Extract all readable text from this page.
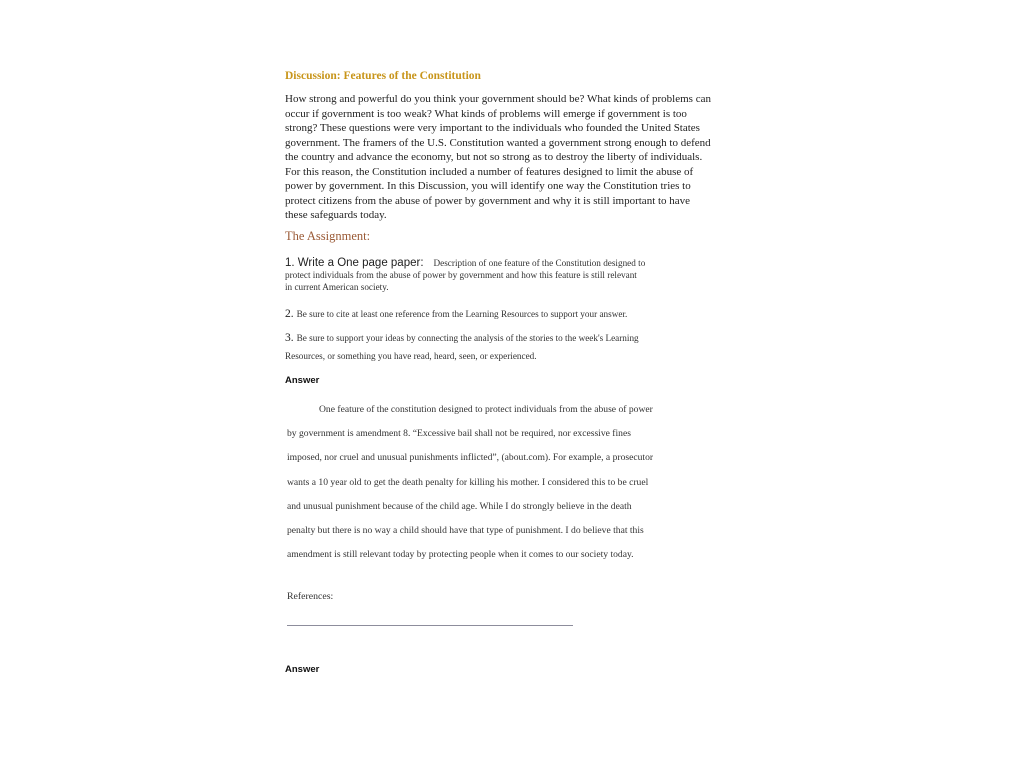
Discussion: Features of the Constitution
How strong and powerful do you think your government should be? What kinds of problems can
occur if government is too weak? What kinds of problems will emerge if government is too
strong? These questions were very important to the individuals who founded the United States
government. The framers of the U.S. Constitution wanted a government strong enough to defend
the country and advance the economy, but not so strong as to destroy the liberty of individuals.
For this reason, the Constitution included a number of features designed to limit the abuse of
power by government. In this Discussion, you will identify one way the Constitution tries to
protect citizens from the abuse of power by government and why it is still important to have
these safeguards today.
The Assignment:
1. Write a One page paper: Description of one feature of the Constitution designed to
protect individuals from the abuse of power by government and how this feature is still relevant
in current American society.
2. Be sure to cite at least one reference from the Learning Resources to support your answer.
3. Be sure to support your ideas by connecting the analysis of the stories to the week's Learning
Resources, or something you have read, heard, seen, or experienced.
Answer
One feature of the constitution designed to protect individuals from the abuse of power
by government is amendment 8. “Excessive bail shall not be required, nor excessive fines
imposed, nor cruel and unusual punishments inflicted”, (about.com). For example, a prosecutor
wants a 10 year old to get the death penalty for killing his mother. I considered this to be cruel
and unusual punishment because of the child age. While I do strongly believe in the death
penalty but there is no way a child should have that type of punishment. I do believe that this
amendment is still relevant today by protecting people when it comes to our society today.
References:
Answer
